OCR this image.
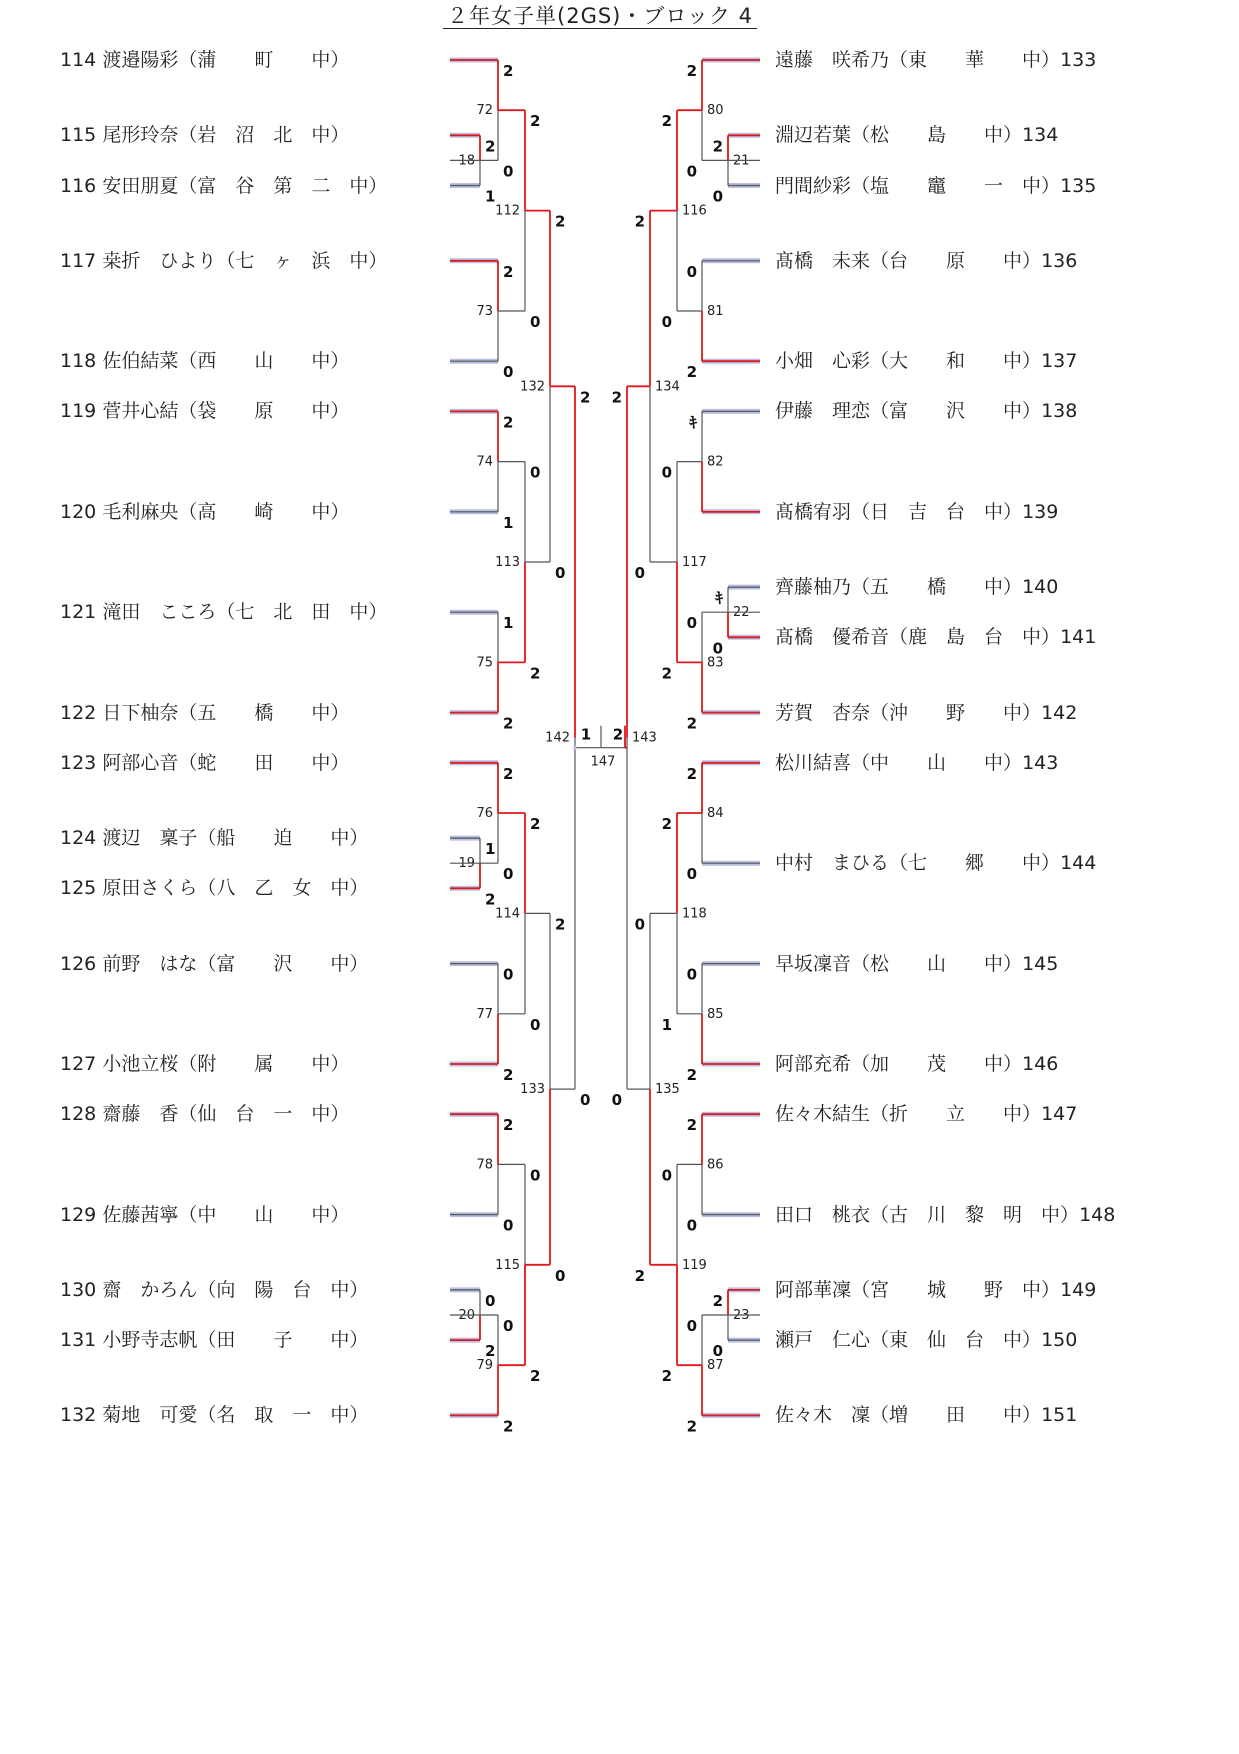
２年女子単(2GS)・ブロック 4
114 渡邉陽彩（蒲　　町　　中）
115 尾形玲奈（岩　沼　北　中）
116 安田朋夏（富　谷　第　二　中）
117 桒折　ひより（七　ヶ　浜　中）
118 佐伯結菜（西　　山　　中）
119 菅井心結（袋　　原　　中）
120 毛利麻央（高　　崎　　中）
121 滝田　こころ（七　北　田　中）
122 日下柚奈（五　　橋　　中）
123 阿部心音（蛇　　田　　中）
124 渡辺　稟子（船　　迫　　中）
125 原田さくら（八　乙　女　中）
126 前野　はな（富　　沢　　中）
127 小池立桜（附　　属　　中）
128 齋藤　香（仙　台　一　中）
129 佐藤茜寧（中　　山　　中）
130 齋　かろん（向　陽　台　中）
131 小野寺志帆（田　　子　　中）
132 菊地　可愛（名　取　一　中）
遠藤　咲希乃（東　　華　　中）133
淵辺若葉（松　　島　　中）134
門間紗彩（塩　　竈　　一　中）135
髙橋　未来（台　　原　　中）136
小畑　心彩（大　　和　　中）137
伊藤　理恋（富　　沢　　中）138
髙橋宥羽（日　吉　台　中）139
齊藤柚乃（五　　橋　　中）140
髙橋　優希音（鹿　島　台　中）141
芳賀　杏奈（沖　　野　　中）142
松川結喜（中　　山　　中）143
中村　まひる（七　　郷　　中）144
早坂凜音（松　　山　　中）145
阿部充希（加　　茂　　中）146
佐々木結生（折　　立　　中）147
田口　桃衣（古　川　黎　明　中）148
阿部華凜（宮　　城　　野　中）149
瀬戸　仁心（東　仙　台　中）150
佐々木　凜（増　　田　　中）151
2
1
18
1
2
19
0
2
20
2
0
72
2
0
73
2
1
74
1
2
75
2
0
76
0
2
77
2
0
78
0
2
79
2
0
112
0
2
113
2
0
114
0
2
115
2
0
132
2
0
133
2
0
142
2
0
21
ｷ
0
22
2
0
23
2
0
80
0
2
81
ｷ
82
0
2
83
2
0
84
0
2
85
2
0
86
0
2
87
2
0
116
0
2
117
2
1
118
0
2
119
2
0
134
0
2
135
2
0
143
1 2
147
